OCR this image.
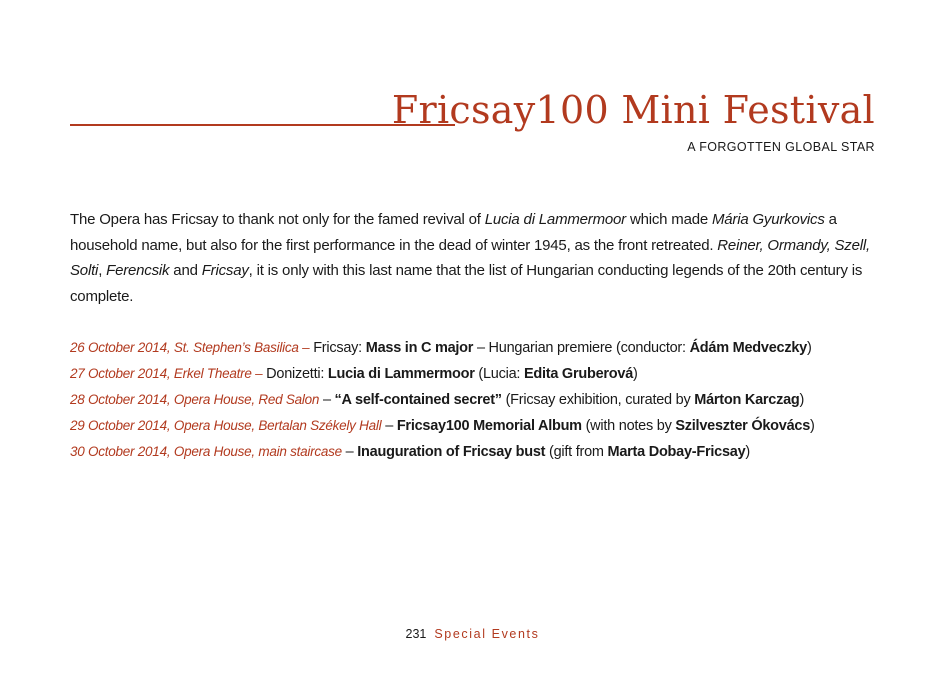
Fricsay100 Mini Festival
A FORGOTTEN GLOBAL STAR

The Opera has Fricsay to thank not only for the famed revival of Lucia di Lammermoor which made Mária Gyurkovics a household name, but also for the first performance in the dead of winter 1945, as the front retreated. Reiner, Ormandy, Szell, Solti, Ferencsik and Fricsay, it is only with this last name that the list of Hungarian conducting legends of the 20th century is complete.

26 October 2014, St. Stephen’s Basilica – Fricsay: Mass in C major – Hungarian premiere (conductor: Ádám Medveczky)
27 October 2014, Erkel Theatre – Donizetti: Lucia di Lammermoor (Lucia: Edita Gruberová)
28 October 2014, Opera House, Red Salon – “A self-contained secret” (Fricsay exhibition, curated by Márton Karczag)
29 October 2014, Opera House, Bertalan Székely Hall – Fricsay100 Memorial Album (with notes by Szilveszter Ókovács)
30 October 2014, Opera House, main staircase – Inauguration of Fricsay bust (gift from Marta Dobay-Fricsay)
231 Special Events
